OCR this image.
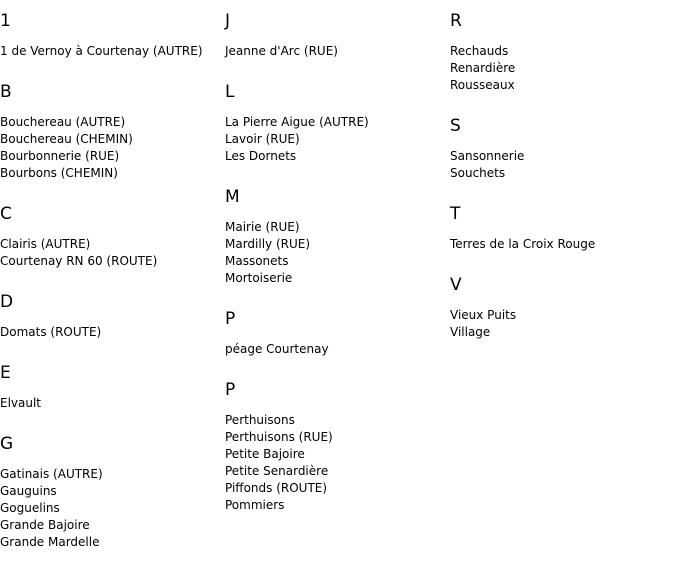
1
1 de Vernoy à Courtenay (AUTRE)
B
Bouchereau (AUTRE)
Bouchereau (CHEMIN)
Bourbonnerie (RUE)
Bourbons (CHEMIN)
C
Clairis (AUTRE)
Courtenay RN 60 (ROUTE)
D
Domats (ROUTE)
E
Elvault
G
Gatinais (AUTRE)
Gauguins
Goguelins
Grande Bajoire
Grande Mardelle
J
Jeanne d'Arc (RUE)
L
La Pierre Aigue (AUTRE)
Lavoir (RUE)
Les Dornets
M
Mairie (RUE)
Mardilly (RUE)
Massonets
Mortoiserie
P
péage Courtenay
P
Perthuisons
Perthuisons (RUE)
Petite Bajoire
Petite Senardière
Piffonds (ROUTE)
Pommiers
R
Rechauds
Renardière
Rousseaux
S
Sansonnerie
Souchets
T
Terres de la Croix Rouge
V
Vieux Puits
Village
